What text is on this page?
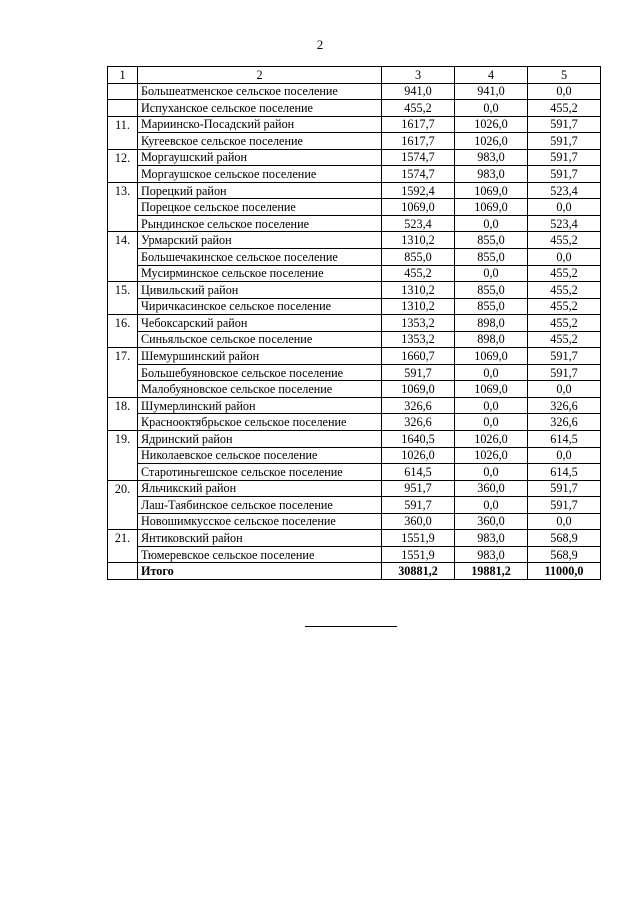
2
1	2	3	4	5
	Большеатменское сельское поселение	941,0	941,0	0,0
	Испуханское сельское поселение	455,2	0,0	455,2
11.	Мариинско-Посадский район	1617,7	1026,0	591,7
	Кугеевское сельское поселение	1617,7	1026,0	591,7
12.	Моргаушский район	1574,7	983,0	591,7
	Моргаушское сельское поселение	1574,7	983,0	591,7
13.	Порецкий район	1592,4	1069,0	523,4
	Порецкое сельское поселение	1069,0	1069,0	0,0
	Рындинское сельское поселение	523,4	0,0	523,4
14.	Урмарский район	1310,2	855,0	455,2
	Большечакинское сельское поселение	855,0	855,0	0,0
	Мусирминское сельское поселение	455,2	0,0	455,2
15.	Цивильский район	1310,2	855,0	455,2
	Чиричкасинское сельское поселение	1310,2	855,0	455,2
16.	Чебоксарский район	1353,2	898,0	455,2
	Синьяльское сельское поселение	1353,2	898,0	455,2
17.	Шемуршинский район	1660,7	1069,0	591,7
	Большебуяновское сельское поселение	591,7	0,0	591,7
	Малобуяновское сельское поселение	1069,0	1069,0	0,0
18.	Шумерлинский район	326,6	0,0	326,6
	Краснооктябрьское сельское поселение	326,6	0,0	326,6
19.	Ядринский район	1640,5	1026,0	614,5
	Николаевское сельское поселение	1026,0	1026,0	0,0
	Старотиньгешское сельское поселение	614,5	0,0	614,5
20.	Яльчикский район	951,7	360,0	591,7
	Лаш-Таябинское сельское поселение	591,7	0,0	591,7
	Новошимкусское сельское поселение	360,0	360,0	0,0
21.	Янтиковский район	1551,9	983,0	568,9
	Тюмеревское сельское поселение	1551,9	983,0	568,9
	Итого	30881,2	19881,2	11000,0
